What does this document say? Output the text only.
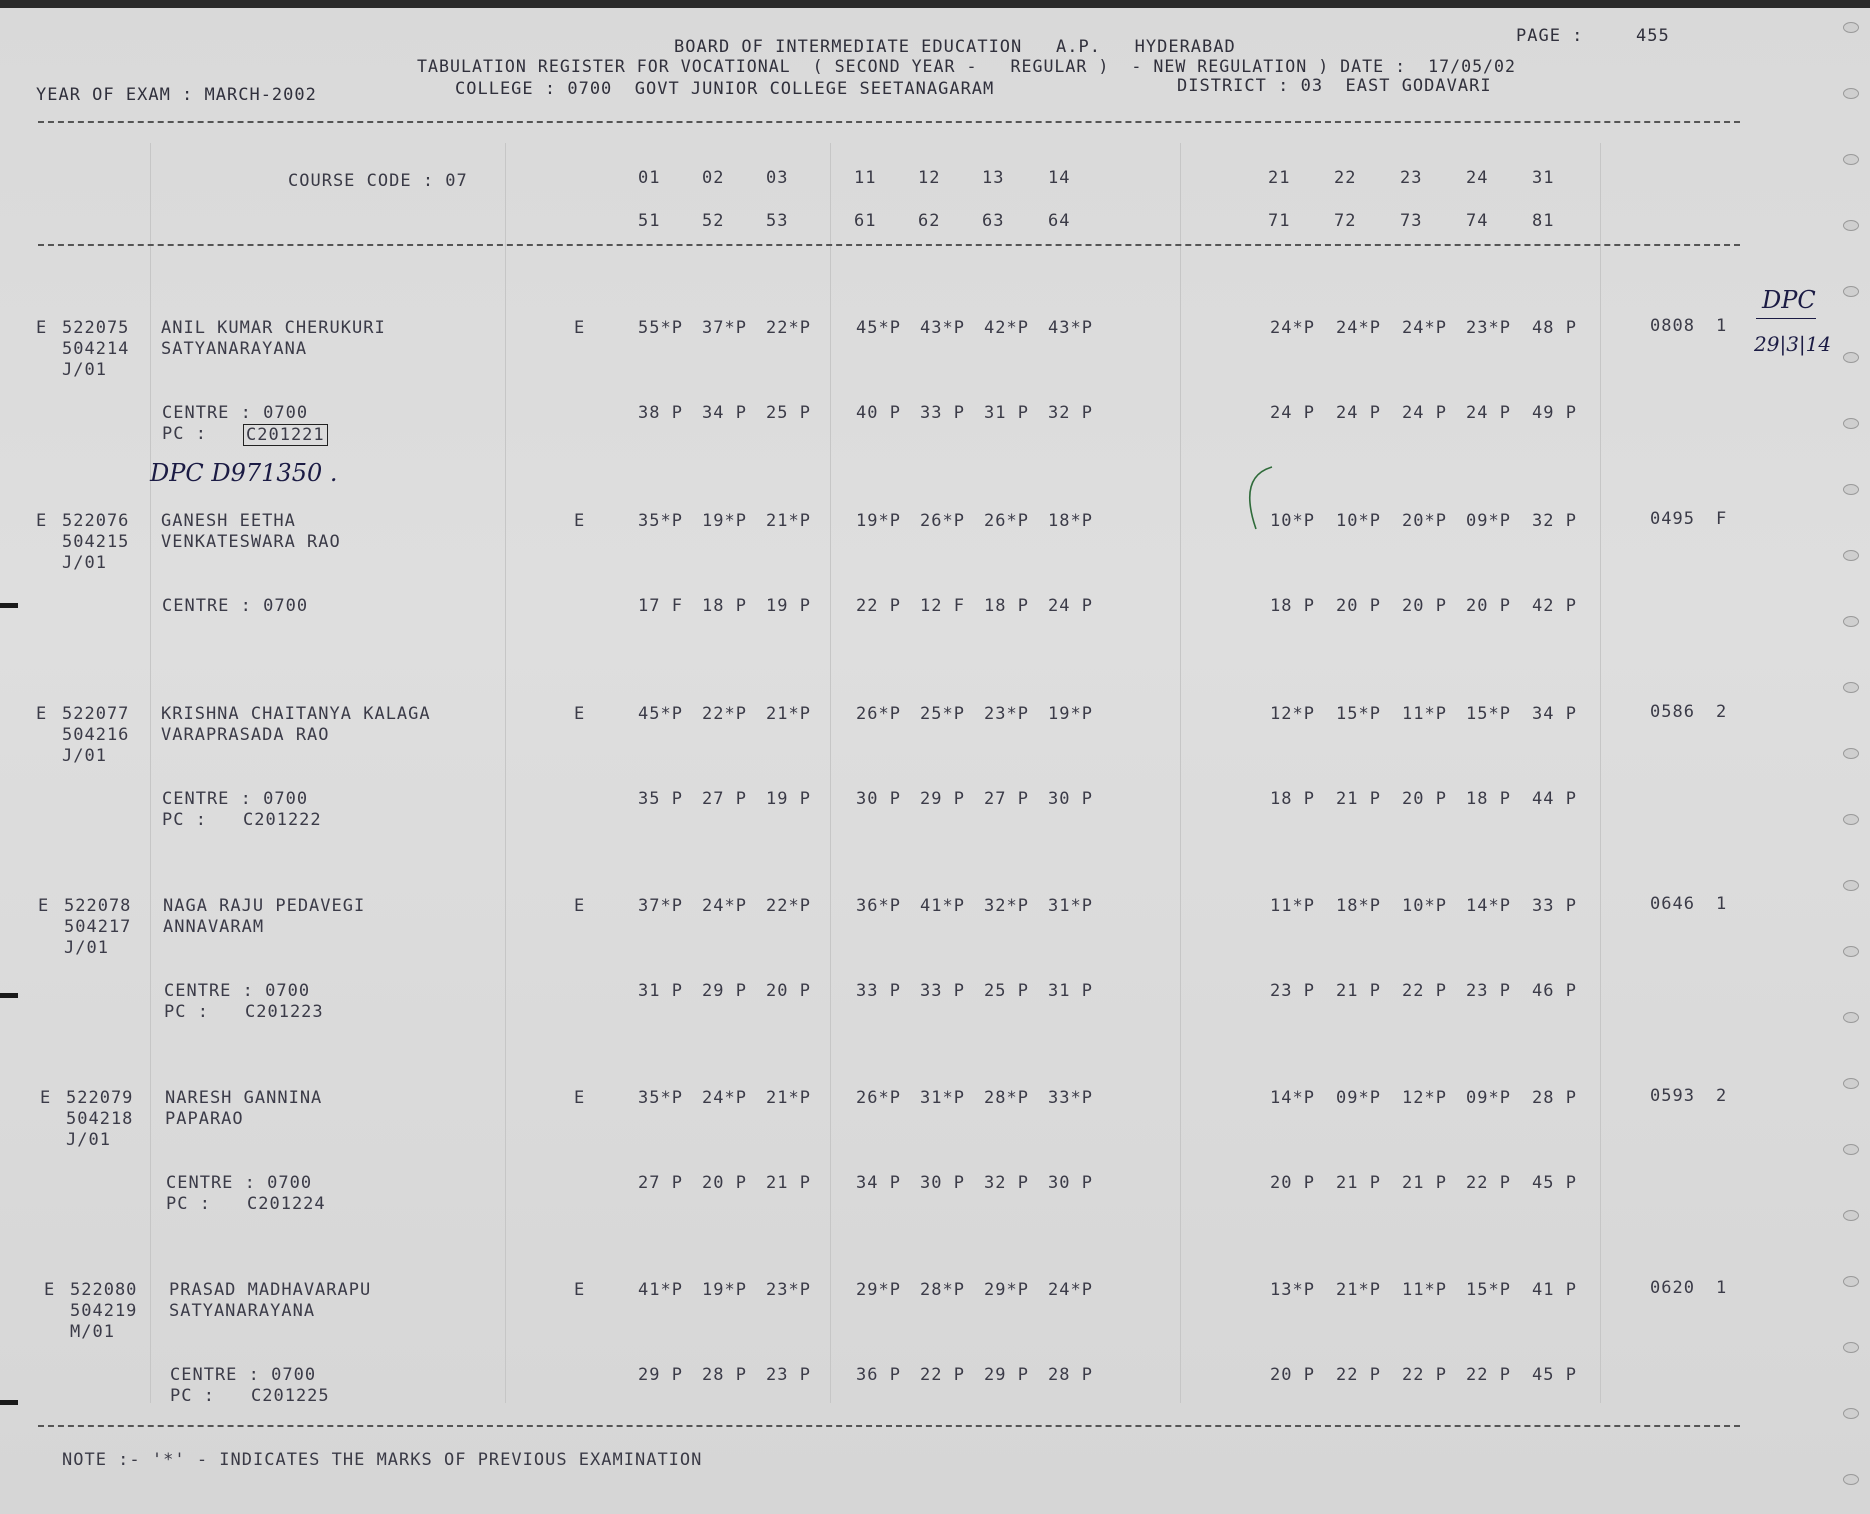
BOARD OF INTERMEDIATE EDUCATION   A.P.   HYDERABAD
PAGE :	455
TABULATION REGISTER FOR VOCATIONAL  ( SECOND YEAR -   REGULAR )  - NEW REGULATION ) DATE :  17/05/02
YEAR OF EXAM : MARCH-2002	COLLEGE : 0700  GOVT JUNIOR COLLEGE SEETANAGARAM	DISTRICT : 03  EAST GODAVARI
COURSE CODE : 07	01 02 03	11 12 13	14	21	22	23	24	31
51 52 53	61 62 63	64	71	72	73	74	81
E 522075
504214
J/01
ANIL KUMAR CHERUKURI
SATYANARAYANA
E	55*P 37*P 22*P	45*P 43*P 42*P 43*P	24*P 24*P 24*P 23*P 48 P	0808 1
CENTRE : 0700
PC : C201221
38 P 34 P 25 P	40 P 33 P 31 P 32 P	24 P 24 P 24 P 24 P 49 P
E 522076
504215
J/01
GANESH EETHA
VENKATESWARA RAO
E	35*P 19*P 21*P	19*P 26*P 26*P 18*P	10*P 10*P 20*P 09*P 32 P	0495 F
CENTRE : 0700	17 F 18 P 19 P	22 P 12 F 18 P 24 P	18 P 20 P 20 P 20 P 42 P
E 522077
504216
J/01
KRISHNA CHAITANYA KALAGA
VARAPRASADA RAO
E	45*P 22*P 21*P	26*P 25*P 23*P 19*P	12*P 15*P 11*P 15*P 34 P	0586 2
CENTRE : 0700
PC : C201222
35 P 27 P 19 P	30 P 29 P 27 P 30 P	18 P 21 P 20 P 18 P 44 P
E 522078
504217
J/01
NAGA RAJU PEDAVEGI
ANNAVARAM
E	37*P 24*P 22*P	36*P 41*P 32*P 31*P	11*P 18*P 10*P 14*P 33 P	0646 1
CENTRE : 0700
PC : C201223
31 P 29 P 20 P	33 P 33 P 25 P 31 P	23 P 21 P 22 P 23 P 46 P
E 522079
504218
J/01
NARESH GANNINA
PAPARAO
E	35*P 24*P 21*P	26*P 31*P 28*P 33*P	14*P 09*P 12*P 09*P 28 P	0593 2
CENTRE : 0700
PC : C201224
27 P 20 P 21 P	34 P 30 P 32 P 30 P	20 P 21 P 21 P 22 P 45 P
E 522080
504219
M/01
PRASAD MADHAVARAPU
SATYANARAYANA
E	41*P 19*P 23*P	29*P 28*P 29*P 24*P	13*P 21*P 11*P 15*P 41 P	0620 1
CENTRE : 0700
PC : C201225
29 P 28 P 23 P	36 P 22 P 29 P 28 P	20 P 22 P 22 P 22 P 45 P
DPC
29|3|14
DPC D971350 .
NOTE :- '*' - INDICATES THE MARKS OF PREVIOUS EXAMINATION
